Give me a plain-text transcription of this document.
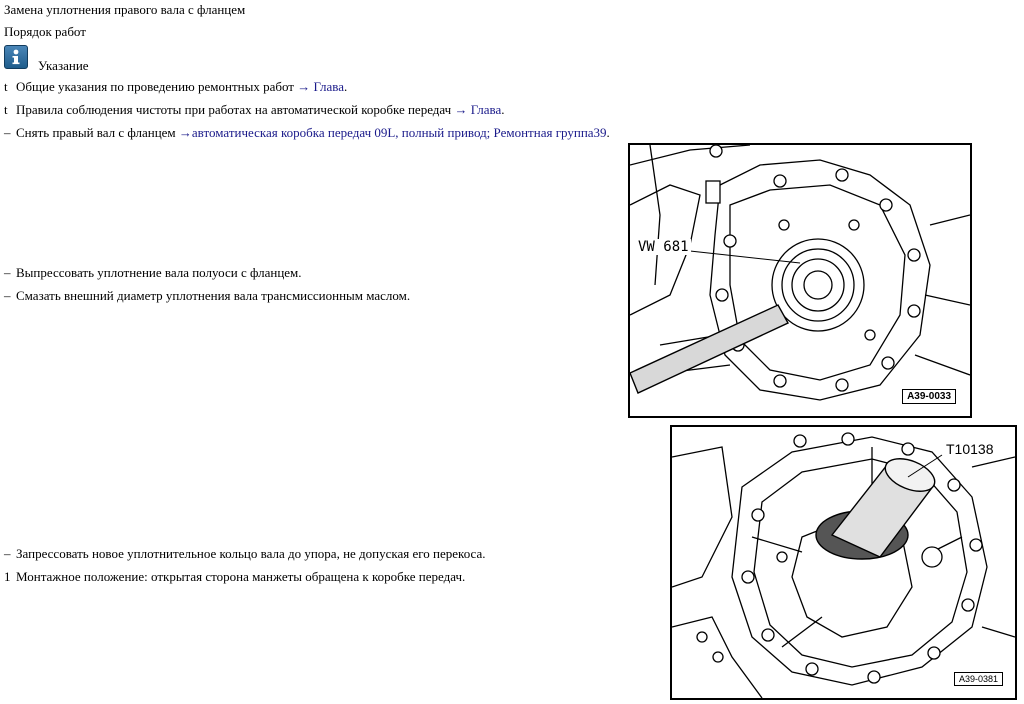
Замена уплотнения правого вала с фланцем
Порядок работ
Указание
t Общие указания по проведению ремонтных работ → Глава.
t Правила соблюдения чистоты при работах на автоматической коробке передач → Глава.
– Снять правый вал с фланцем →автоматическая коробка передач 09L, полный привод; Ремонтная группа39.
– Выпрессовать уплотнение вала полуоси с фланцем.
– Смазать внешний диаметр уплотнения вала трансмиссионным маслом.
– Запрессовать новое уплотнительное кольцо вала до упора, не допуская его перекоса.
1 Монтажное положение: открытая сторона манжеты обращена к коробке передач.
VW 681
A39-0033
T10138
A39-0381
